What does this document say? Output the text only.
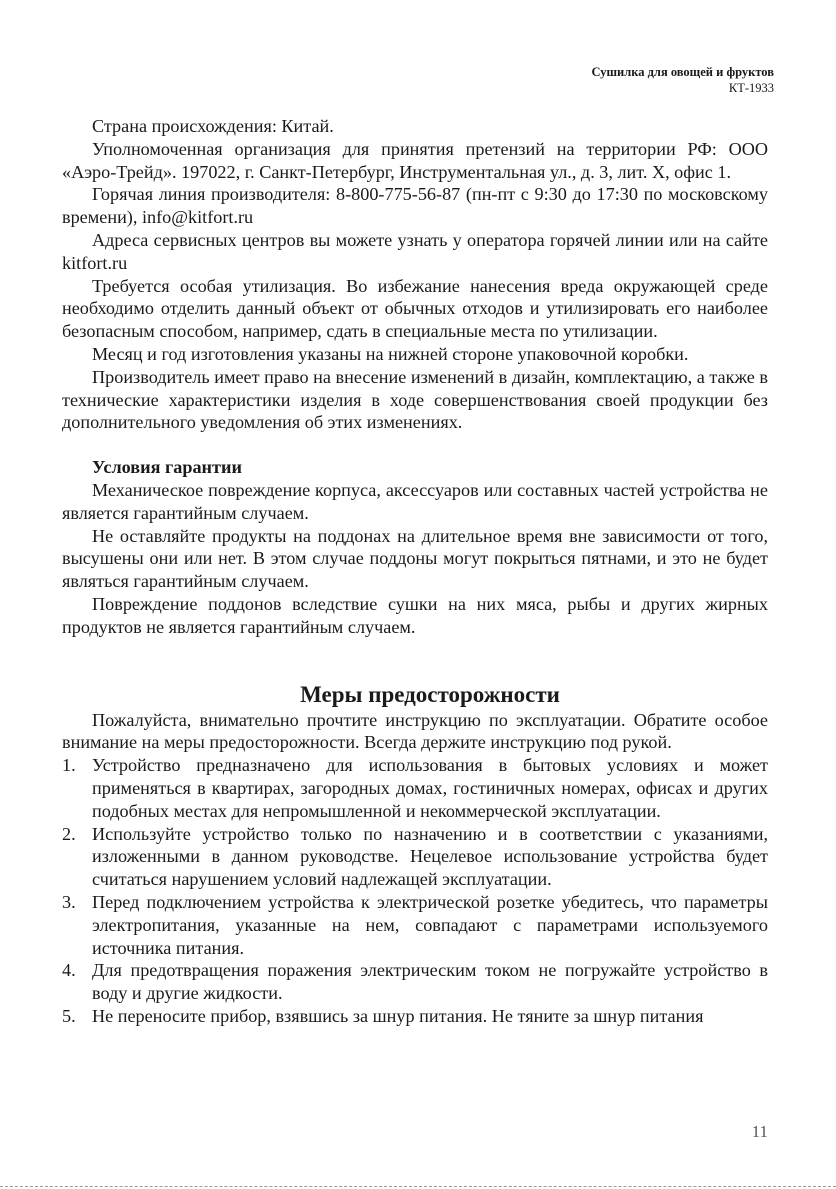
Сушилка для овощей и фруктов
КТ-1933

Страна происхождения: Китай.

Уполномоченная организация для принятия претензий на территории РФ: ООО «Аэро-Трейд». 197022, г. Санкт-Петербург, Инструментальная ул., д. 3, лит. Х, офис 1.

Горячая линия производителя: 8-800-775-56-87 (пн-пт с 9:30 до 17:30 по московскому времени), info@kitfort.ru

Адреса сервисных центров вы можете узнать у оператора горячей линии или на сайте kitfort.ru

Требуется особая утилизация. Во избежание нанесения вреда окружающей среде необходимо отделить данный объект от обычных отходов и утилизировать его наиболее безопасным способом, например, сдать в специальные места по утилизации.

Месяц и год изготовления указаны на нижней стороне упаковочной коробки.

Производитель имеет право на внесение изменений в дизайн, комплектацию, а также в технические характеристики изделия в ходе совершенствования своей продукции без дополнительного уведомления об этих изменениях.

Условия гарантии

Механическое повреждение корпуса, аксессуаров или составных частей устройства не является гарантийным случаем.

Не оставляйте продукты на поддонах на длительное время вне зависимости от того, высушены они или нет. В этом случае поддоны могут покрыться пятнами, и это не будет являться гарантийным случаем.

Повреждение поддонов вследствие сушки на них мяса, рыбы и других жирных продуктов не является гарантийным случаем.

Меры предосторожности

Пожалуйста, внимательно прочтите инструкцию по эксплуатации. Обратите особое внимание на меры предосторожности. Всегда держите инструкцию под рукой.

1. Устройство предназначено для использования в бытовых условиях и может применяться в квартирах, загородных домах, гостиничных номерах, офисах и других подобных местах для непромышленной и некоммерческой эксплуатации.
2. Используйте устройство только по назначению и в соответствии с указаниями, изложенными в данном руководстве. Нецелевое использование устройства будет считаться нарушением условий надлежащей эксплуатации.
3. Перед подключением устройства к электрической розетке убедитесь, что параметры электропитания, указанные на нем, совпадают с параметрами используемого источника питания.
4. Для предотвращения поражения электрическим током не погружайте устройство в воду и другие жидкости.
5. Не переносите прибор, взявшись за шнур питания. Не тяните за шнур питания
11
